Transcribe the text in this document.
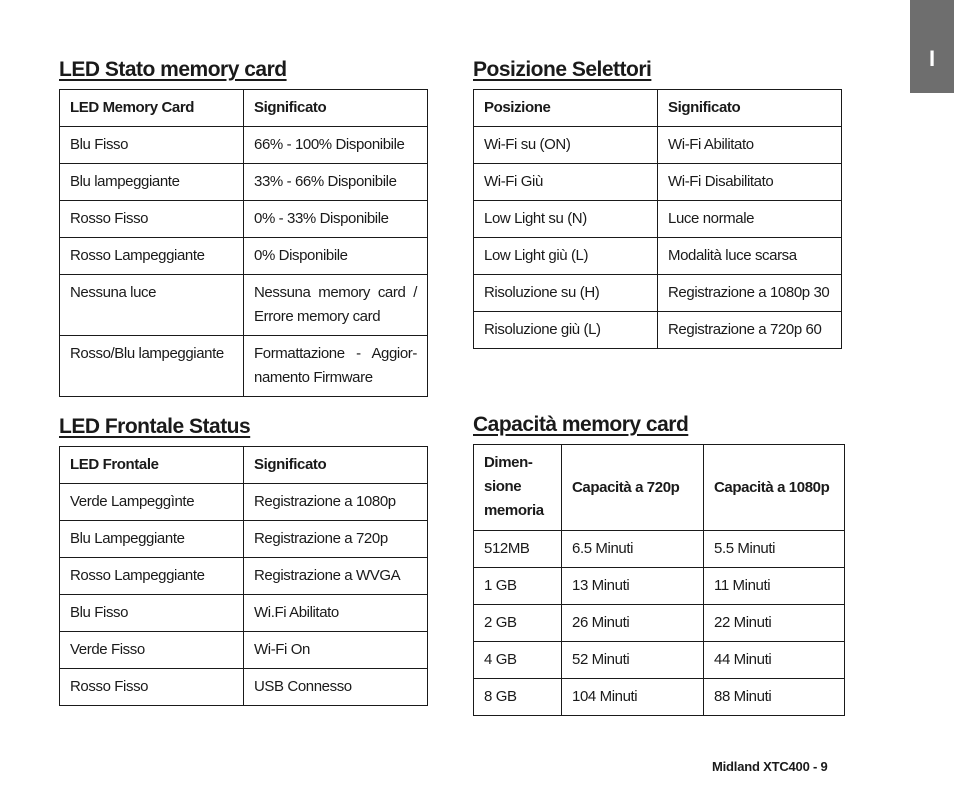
I
LED Stato memory card
LED Memory Card	Significato
Blu Fisso	66% - 100% Disponibile
Blu lampeggiante	33% - 66% Disponibile
Rosso Fisso	0% - 33% Disponibile
Rosso Lampeggiante	0% Disponibile
Nessuna luce	Nessuna memory card / Errore memory card
Rosso/Blu lampeggiante	Formattazione - Aggior-namento Firmware
Posizione Selettori
Posizione	Significato
Wi-Fi su (ON)	Wi-Fi Abilitato
Wi-Fi Giù	Wi-Fi Disabilitato
Low Light su (N)	Luce normale
Low Light giù (L)	Modalità luce scarsa
Risoluzione su (H)	Registrazione a 1080p 30
Risoluzione giù (L)	Registrazione a 720p 60
LED Frontale Status
LED Frontale	Significato
Verde Lampeggìnte	Registrazione a 1080p
Blu Lampeggiante	Registrazione a 720p
Rosso Lampeggiante	Registrazione a WVGA
Blu Fisso	Wi.Fi Abilitato
Verde Fisso	Wi-Fi On
Rosso Fisso	USB Connesso
Capacità memory card
Dimen-sione memoria	Capacità a 720p	Capacità a 1080p
512MB	6.5 Minuti	5.5 Minuti
1 GB	13 Minuti	11 Minuti
2 GB	26 Minuti	22 Minuti
4 GB	52 Minuti	44 Minuti
8 GB	104 Minuti	88 Minuti
Midland XTC400 - 9
